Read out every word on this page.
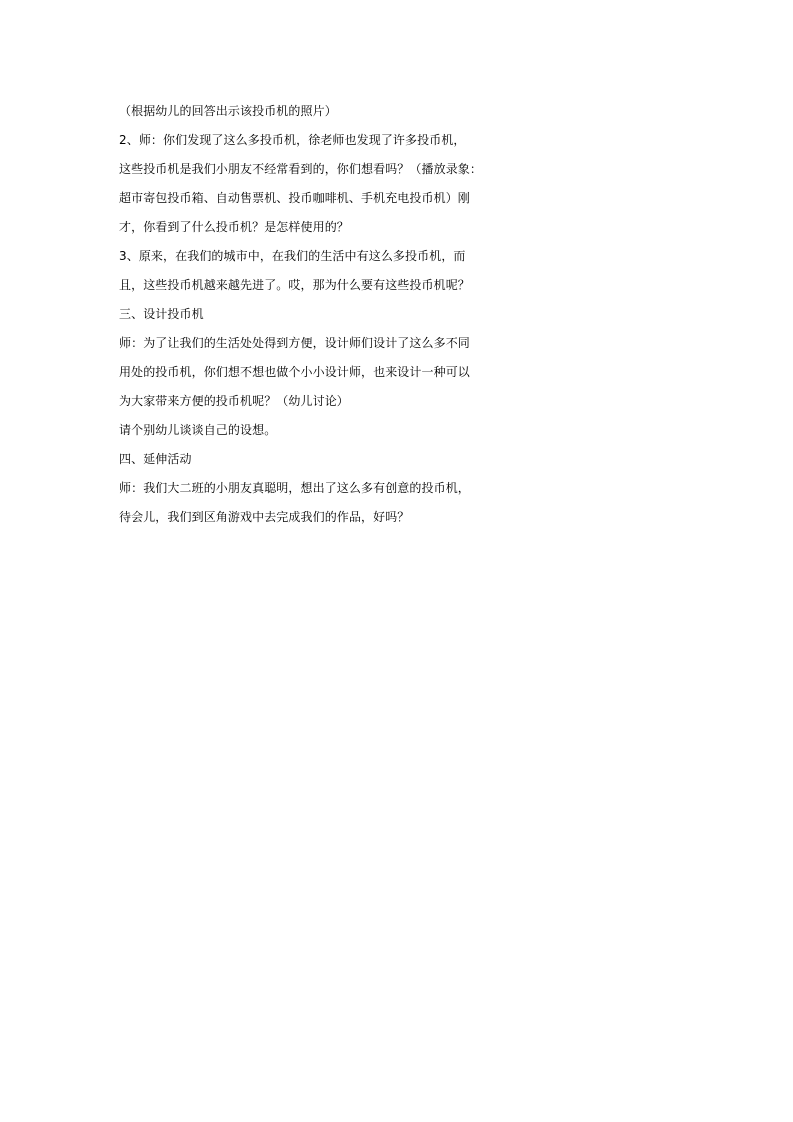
（根据幼儿的回答出示该投币机的照片）
2、师：你们发现了这么多投币机，徐老师也发现了许多投币机，
这些投币机是我们小朋友不经常看到的，你们想看吗？（播放录象：
超市寄包投币箱、自动售票机、投币咖啡机、手机充电投币机）刚
才，你看到了什么投币机？是怎样使用的？
3、原来，在我们的城市中，在我们的生活中有这么多投币机，而
且，这些投币机越来越先进了。哎，那为什么要有这些投币机呢？
三、设计投币机
师：为了让我们的生活处处得到方便，设计师们设计了这么多不同
用处的投币机，你们想不想也做个小小设计师，也来设计一种可以
为大家带来方便的投币机呢？（幼儿讨论）
请个别幼儿谈谈自己的设想。
四、延伸活动
师：我们大二班的小朋友真聪明，想出了这么多有创意的投币机，
待会儿，我们到区角游戏中去完成我们的作品，好吗？
